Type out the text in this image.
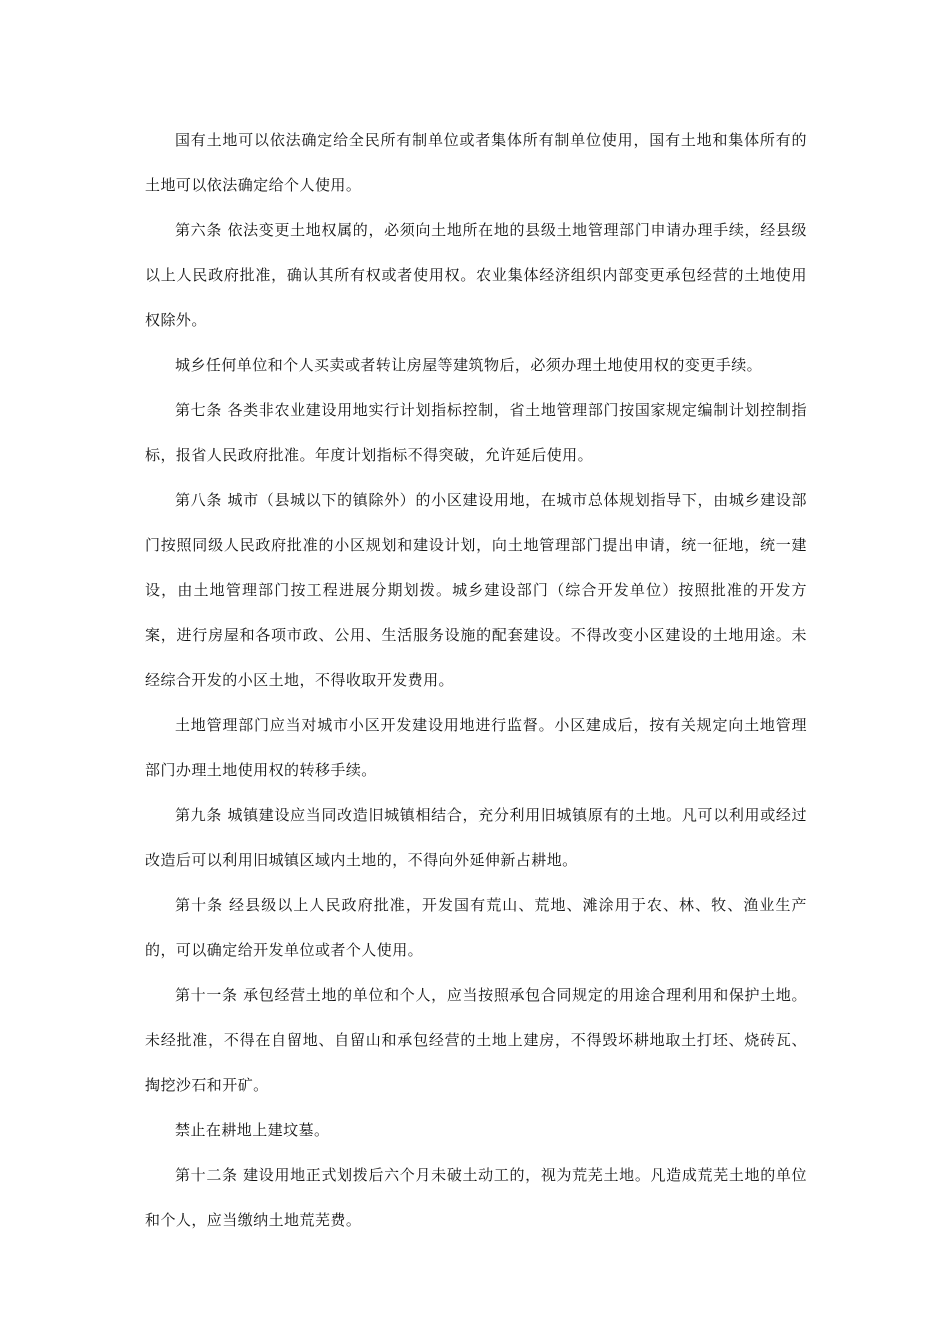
国有土地可以依法确定给全民所有制单位或者集体所有制单位使用，国有土地和集体所有的土地可以依法确定给个人使用。

第六条 依法变更土地权属的，必须向土地所在地的县级土地管理部门申请办理手续，经县级以上人民政府批准，确认其所有权或者使用权。农业集体经济组织内部变更承包经营的土地使用权除外。

城乡任何单位和个人买卖或者转让房屋等建筑物后，必须办理土地使用权的变更手续。

第七条 各类非农业建设用地实行计划指标控制，省土地管理部门按国家规定编制计划控制指标，报省人民政府批准。年度计划指标不得突破，允许延后使用。

第八条 城市（县城以下的镇除外）的小区建设用地，在城市总体规划指导下，由城乡建设部门按照同级人民政府批准的小区规划和建设计划，向土地管理部门提出申请，统一征地，统一建设，由土地管理部门按工程进展分期划拨。城乡建设部门（综合开发单位）按照批准的开发方案，进行房屋和各项市政、公用、生活服务设施的配套建设。不得改变小区建设的土地用途。未经综合开发的小区土地，不得收取开发费用。

土地管理部门应当对城市小区开发建设用地进行监督。小区建成后，按有关规定向土地管理部门办理土地使用权的转移手续。

第九条 城镇建设应当同改造旧城镇相结合，充分利用旧城镇原有的土地。凡可以利用或经过改造后可以利用旧城镇区域内土地的，不得向外延伸新占耕地。

第十条 经县级以上人民政府批准，开发国有荒山、荒地、滩涂用于农、林、牧、渔业生产的，可以确定给开发单位或者个人使用。

第十一条 承包经营土地的单位和个人，应当按照承包合同规定的用途合理利用和保护土地。未经批准，不得在自留地、自留山和承包经营的土地上建房，不得毁坏耕地取土打坯、烧砖瓦、掏挖沙石和开矿。

禁止在耕地上建坟墓。

第十二条 建设用地正式划拨后六个月未破土动工的，视为荒芜土地。凡造成荒芜土地的单位和个人，应当缴纳土地荒芜费。
